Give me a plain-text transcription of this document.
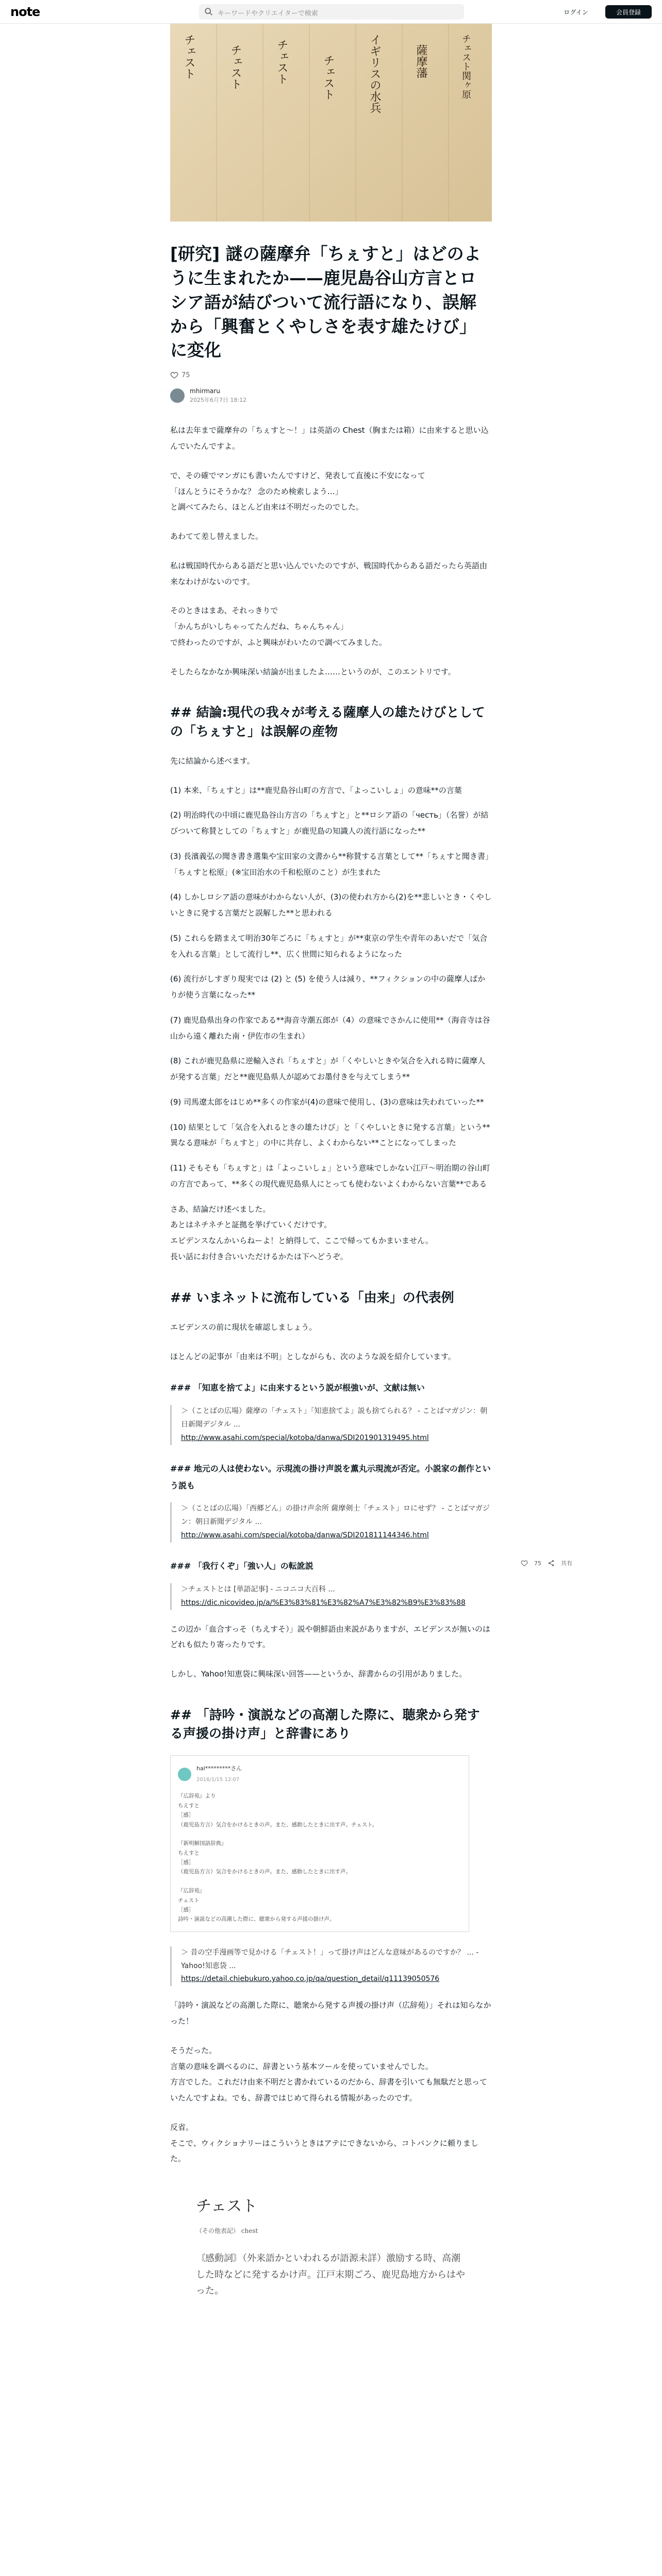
note	キーワードやクリエイターで検索	ログイン	会員登録
チェスト	チェスト	チェスト	チェスト	イギリスの水兵	薩摩藩	チェスト関ヶ原
[研究] 謎の薩摩弁「ちぇすと」はどのように生まれたか——鹿児島谷山方言とロシア語が結びついて流行語になり、誤解から「興奮とくやしさを表す雄たけび」に変化
75
mhirmaru
2025年6月7日 18:12

私は去年まで薩摩弁の「ちぇすと～！」は英語の Chest（胸または箱）に由来すると思い込んでいたんですよ。

で、その確でマンガにも書いたんですけど、発表して直後に不安になって
「ほんとうにそうかな？ 念のため検索しよう…」
と調べてみたら、ほとんど由来は不明だったのでした。

あわてて差し替えました。

私は戦国時代からある語だと思い込んでいたのですが、戦国時代からある語だったら英語由来なわけがないのです。

そのときはまあ、それっきりで
「かんちがいしちゃってたんだね、ちゃんちゃん」
で終わったのですが、ふと興味がわいたので調べてみました。

そしたらなかなか興味深い結論が出ましたよ……というのが、このエントリです。

## 結論:現代の我々が考える薩摩人の雄たけびとしての「ちぇすと」は誤解の産物

先に結論から述べます。

(1) 本来、「ちぇすと」は**鹿児島谷山町の方言で、「よっこいしょ」の意味**の言葉

(2) 明治時代の中頃に鹿児島谷山方言の「ちぇすと」と**ロシア語の「честь」（名誉）が結びついて称賛としての「ちぇすと」が鹿児島の知識人の流行語になった**

(3) 長濱義弘の聞き書き選集や宝田家の文書から**称賛する言葉として**「ちぇすと聞き書」「ちぇすと松原」(※宝田治水の千和松原のこと）が生まれた

(4) しかしロシア語の意味がわからない人が、(3)の使われ方から(2)を**悲しいとき・くやしいときに発する言葉だと誤解した**と思われる

(5) これらを踏まえて明治30年ごろに「ちぇすと」が**東京の学生や青年のあいだで「気合を入れる言葉」として流行し**、広く世間に知られるようになった

(6) 流行がしすぎり現実では (2) と (5) を使う人は減り、**フィクションの中の薩摩人ばかりが使う言葉になった**

(7) 鹿児島県出身の作家である**海音寺潮五郎が（4）の意味でさかんに使用**（海音寺は谷山から遠く離れた南・伊佐市の生まれ）

(8) これが鹿児島県に逆輸入され「ちぇすと」が「くやしいときや気合を入れる時に薩摩人が発する言葉」だと**鹿児島県人が認めてお墨付きを与えてしまう**

(9) 司馬遼太郎をはじめ**多くの作家が(4)の意味で使用し、(3)の意味は失われていった**

(10) 結果として「気合を入れるときの雄たけび」と「くやしいときに発する言葉」という**異なる意味が「ちぇすと」の中に共存し、よくわからない**ことになってしまった

(11) そもそも「ちぇすと」は「よっこいしょ」という意味でしかない江戸～明治期の谷山町の方言であって、**多くの現代鹿児島県人にとっても使わないよくわからない言葉**である

さあ、結論だけ述べました。
あとはネチネチと証拠を挙げていくだけです。
エビデンスなんかいらねーよ！と納得して、ここで帰ってもかまいません。
長い話にお付き合いいただけるかたは下へどうぞ。

## いまネットに流布している「由来」の代表例

エビデンスの前に現状を確認しましょう。

ほとんどの記事が「由来は不明」としながらも、次のような説を紹介しています。

### 「知恵を捨てよ」に由来するという説が根強いが、文献は無い
＞（ことばの広場）薩摩の「チェスト」「知恵捨てよ」説も捨てられる？ - ことばマガジン：朝日新聞デジタル ...
http://www.asahi.com/special/kotoba/danwa/SDI201901319495.html
### 地元の人は使わない。示現流の掛け声説を薫丸示現流が否定。小説家の創作という説も
＞（ことばの広場）「西郷どん」の掛け声余所 薩摩剣士「チェスト」ロにせず？ - ことばマガジン：朝日新聞デジタル ...
http://www.asahi.com/special/kotoba/danwa/SDI201811144346.html
### 「我行くぞ」「強い人」の転訛説
＞チェストとは [単語記事] - ニコニコ大百科 ...
https://dic.nicovideo.jp/a/%E3%83%81%E3%82%A7%E3%82%B9%E3%83%88

この辺か「血合すっそ（ちえすそ）」説や朝鮮語由来説がありますが、エビデンスが無いのはどれも似たり寄ったりです。

しかし、Yahoo!知恵袋に興味深い回答——というか、辞書からの引用がありました。

## 「詩吟・演説などの高潮した際に、聴衆から発する声援の掛け声」と辞書にあり
hal*********さん
2016/1/15 12:07
『広辞苑』より
ちえすと
［感］
（鹿児島方言）気合をかけるときの声。また、感動したときに出す声。チェスト。

『新明解国語辞典』
ちえすと
［感］
（鹿児島方言）気合をかけるときの声。また、感動したときに出す声。

『広辞苑』
チェスト
［感］
詩吟・演説などの高潮した際に、聴衆から発する声援の掛け声。
＞ 昔の空手漫画等で見かける「チェスト！」って掛け声はどんな意味があるのですか？ ... - Yahoo!知恵袋 ...
https://detail.chiebukuro.yahoo.co.jp/qa/question_detail/q11139050576

「詩吟・演説などの高潮した際に、聴衆から発する声援の掛け声（広辞苑）」それは知らなかった！

そうだった。
言葉の意味を調べるのに、辞書という基本ツールを使っていませんでした。
方言でした。これだけ由来不明だと書かれているのだから、辞書を引いても無駄だと思っていたんですよね。でも、辞書ではじめて得られる情報があったのです。

反省。
そこで、ウィクショナリーはこういうときはアテにできないから、コトバンクに頼りました。

チェスト
（その他表記） chest
〘感動詞〙（外来語かといわれるが語源未詳）激励する時、高潮した時などに発するかけ声。江戸末期ごろ、鹿児島地方からはやった。
75	共有
